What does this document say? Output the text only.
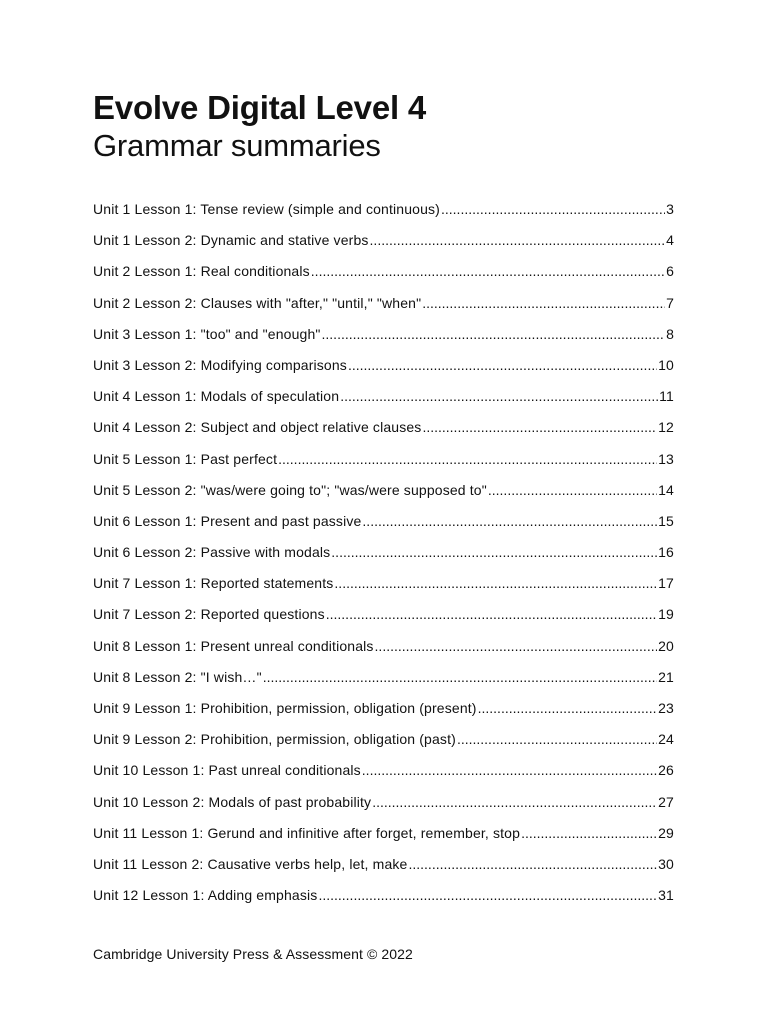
Evolve Digital Level 4
Grammar summaries
Unit 1 Lesson 1: Tense review (simple and continuous) .....	3
Unit 1 Lesson 2: Dynamic and stative verbs .....	4
Unit 2 Lesson 1: Real conditionals .....	6
Unit 2 Lesson 2: Clauses with "after," "until," "when" .....	7
Unit 3 Lesson 1: "too" and "enough" .....	8
Unit 3 Lesson 2: Modifying comparisons .....	10
Unit 4 Lesson 1: Modals of speculation .....	11
Unit 4 Lesson 2: Subject and object relative clauses .....	12
Unit 5 Lesson 1: Past perfect .....	13
Unit 5 Lesson 2: "was/were going to"; "was/were supposed to" .....	14
Unit 6 Lesson 1: Present and past passive .....	15
Unit 6 Lesson 2: Passive with modals .....	16
Unit 7 Lesson 1: Reported statements .....	17
Unit 7 Lesson 2: Reported questions .....	19
Unit 8 Lesson 1: Present unreal conditionals .....	20
Unit 8 Lesson 2: "I wish…" .....	21
Unit 9 Lesson 1: Prohibition, permission, obligation (present) .....	23
Unit 9 Lesson 2: Prohibition, permission, obligation (past) .....	24
Unit 10 Lesson 1: Past unreal conditionals .....	26
Unit 10 Lesson 2: Modals of past probability .....	27
Unit 11 Lesson 1: Gerund and infinitive after forget, remember, stop .....	29
Unit 11 Lesson 2: Causative verbs help, let, make .....	30
Unit 12 Lesson 1: Adding emphasis .....	31

Cambridge University Press & Assessment © 2022
